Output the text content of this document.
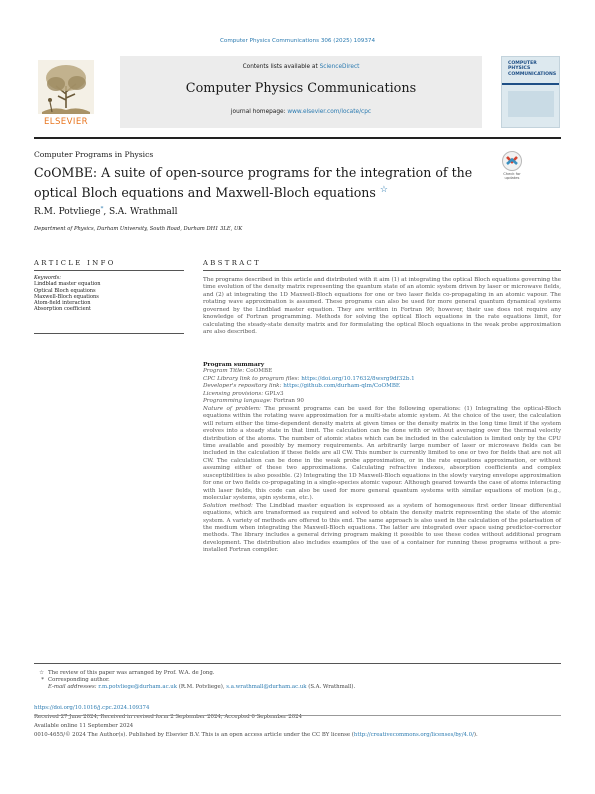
Computer Physics Communications 306 (2025) 109374
ELSEVIER
Contents lists available at ScienceDirect
Computer Physics Communications
journal homepage: www.elsevier.com/locate/cpc
COMPUTER PHYSICS COMMUNICATIONS
Computer Programs in Physics
Check for updates
CoOMBE: A suite of open-source programs for the integration of the optical Bloch equations and Maxwell-Bloch equations ☆
R.M. Potvliege*, S.A. Wrathmall
Department of Physics, Durham University, South Road, Durham DH1 3LE, UK
ARTICLE INFO	ABSTRACT
Keywords:
Lindblad master equation
Optical Bloch equations
Maxwell-Bloch equations
Atom-field interaction
Absorption coefficient
The programs described in this article and distributed with it aim (1) at integrating the optical Bloch equations governing the time evolution of the density matrix representing the quantum state of an atomic system driven by laser or microwave fields, and (2) at integrating the 1D Maxwell-Bloch equations for one or two laser fields co-propagating in an atomic vapour. The rotating wave approximation is assumed. These programs can also be used for more general quantum dynamical systems governed by the Lindblad master equation. They are written in Fortran 90; however, their use does not require any knowledge of Fortran programming. Methods for solving the optical Bloch equations in the rate equations limit, for calculating the steady-state density matrix and for formulating the optical Bloch equations in the weak probe approximation are also described.
Program summary
Program Title: CoOMBE
CPC Library link to program files: https://doi.org/10.17632/8wsrg9df32b.1
Developer's repository link: https://github.com/durham-qlm/CoOMBE
Licensing provisions: GPLv3
Programming language: Fortran 90
Nature of problem: The present programs can be used for the following operations: (1) Integrating the optical-Bloch equations within the rotating wave approximation for a multi-state atomic system. At the choice of the user, the calculation will return either the time-dependent density matrix at given times or the density matrix in the long time limit if the system evolves into a steady state in that limit. The calculation can be done with or without averaging over the thermal velocity distribution of the atoms. The number of atomic states which can be included in the calculation is limited only by the CPU time available and possibly by memory requirements. An arbitrarily large number of laser or microwave fields can be included in the calculation if these fields are all CW. This number is currently limited to one or two for fields that are not all CW. The calculation can be done in the weak probe approximation, or in the rate equations approximation, or without assuming either of these two approximations. Calculating refractive indexes, absorption coefficients and complex susceptibilities is also possible. (2) Integrating the 1D Maxwell-Bloch equations in the slowly varying envelope approximation for one or two fields co-propagating in a single-species atomic vapour. Although geared towards the case of atoms interacting with laser fields, this code can also be used for more general quantum systems with similar equations of motion (e.g., molecular systems, spin systems, etc.).
Solution method: The Lindblad master equation is expressed as a system of homogeneous first order linear differential equations, which are transformed as required and solved to obtain the density matrix representing the state of the atomic system. A variety of methods are offered to this end. The same approach is also used in the calculation of the polarisation of the medium when integrating the Maxwell-Bloch equations. The latter are integrated over space using predictor-corrector methods. The library includes a general driving program making it possible to use these codes without additional program development. The distribution also includes examples of the use of a container for running these programs without a pre-installed Fortran compiler.
☆ The review of this paper was arranged by Prof. W.A. de Jong.
* Corresponding author.
E-mail addresses: r.m.potvliege@durham.ac.uk (R.M. Potvliege), s.a.wrathmall@durham.ac.uk (S.A. Wrathmall).
https://doi.org/10.1016/j.cpc.2024.109374
Received 27 June 2024; Received in revised form 2 September 2024; Accepted 6 September 2024
Available online 11 September 2024
0010-4655/© 2024 The Author(s). Published by Elsevier B.V. This is an open access article under the CC BY license (http://creativecommons.org/licenses/by/4.0/).
